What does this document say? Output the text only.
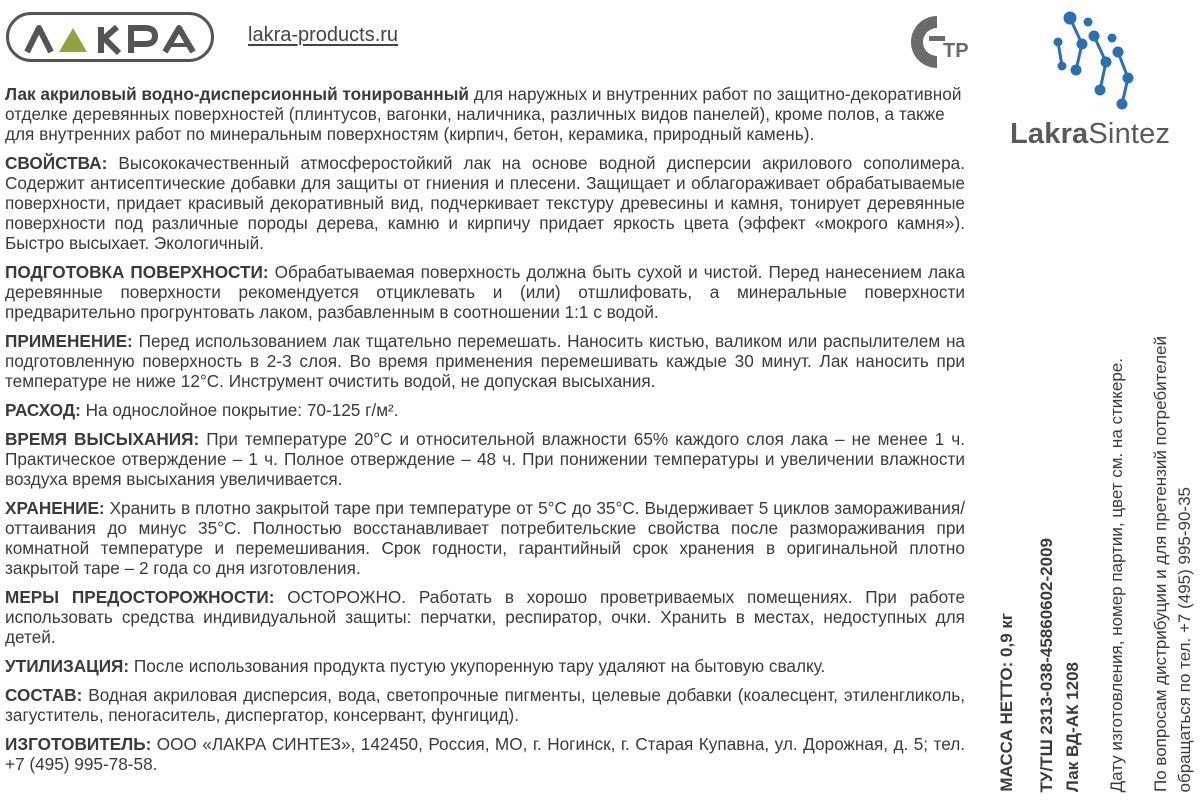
lakra-products.ru
ТР

Лак акриловый водно-дисперсионный тонированный для наружных и внутренних работ по защитно-декоративной отделке деревянных поверхностей (плинтусов, вагонки, наличника, различных видов панелей), кроме полов, а также для внутренних работ по минеральным поверхностям (кирпич, бетон, керамика, природный камень).

СВОЙСТВА: Высококачественный атмосферостойкий лак на основе водной дисперсии акрилового сополимера. Содержит антисептические добавки для защиты от гниения и плесени. Защищает и облагораживает обрабатываемые поверхности, придает красивый декоративный вид, подчеркивает текстуру древесины и камня, тонирует деревянные поверхности под различные породы дерева, камню и кирпичу придает яркость цвета (эффект «мокрого камня»). Быстро высыхает. Экологичный.

ПОДГОТОВКА ПОВЕРХНОСТИ: Обрабатываемая поверхность должна быть сухой и чистой. Перед нанесением лака деревянные поверхности рекомендуется отциклевать и (или) отшлифовать, а минеральные поверхности предварительно прогрунтовать лаком, разбавленным в соотношении 1:1 с водой.

ПРИМЕНЕНИЕ: Перед использованием лак тщательно перемешать. Наносить кистью, валиком или распылителем на подготовленную поверхность в 2-3 слоя. Во время применения перемешивать каждые 30 минут. Лак наносить при температуре не ниже 12°С. Инструмент очистить водой, не допуская высыхания.

РАСХОД: На однослойное покрытие: 70-125 г/м².

ВРЕМЯ ВЫСЫХАНИЯ: При температуре 20°С и относительной влажности 65% каждого слоя лака – не менее 1 ч. Практическое отверждение – 1 ч. Полное отверждение – 48 ч. При понижении температуры и увеличении влажности воздуха время высыхания увеличивается.

ХРАНЕНИЕ: Хранить в плотно закрытой таре при температуре от 5°С до 35°С. Выдерживает 5 циклов замораживания/оттаивания до минус 35°С. Полностью восстанавливает потребительские свойства после размораживания при комнатной температуре и перемешивания. Срок годности, гарантийный срок хранения в оригинальной плотно закрытой таре – 2 года со дня изготовления.

МЕРЫ ПРЕДОСТОРОЖНОСТИ: ОСТОРОЖНО. Работать в хорошо проветриваемых помещениях. При работе использовать средства индивидуальной защиты: перчатки, респиратор, очки. Хранить в местах, недоступных для детей.

УТИЛИЗАЦИЯ: После использования продукта пустую укупоренную тару удаляют на бытовую свалку.

СОСТАВ: Водная акриловая дисперсия, вода, светопрочные пигменты, целевые добавки (коалесцент, этиленгликоль, загуститель, пеногаситель, диспергатор, консервант, фунгицид).

ИЗГОТОВИТЕЛЬ: ООО «ЛАКРА СИНТЕЗ», 142450, Россия, МО, г. Ногинск, г. Старая Купавна, ул. Дорожная, д. 5; тел. +7 (495) 995-78-58.

LakraSintez
МАССА НЕТТО: 0,9 кг ТУ/ТШ 2313-038-45860602-2009 Лак ВД-АК 1208 Дату изготовления, номер партии, цвет см. на стикере. По вопросам дистрибуции и для претензий потребителей обращаться по тел. +7 (495) 995-90-35
